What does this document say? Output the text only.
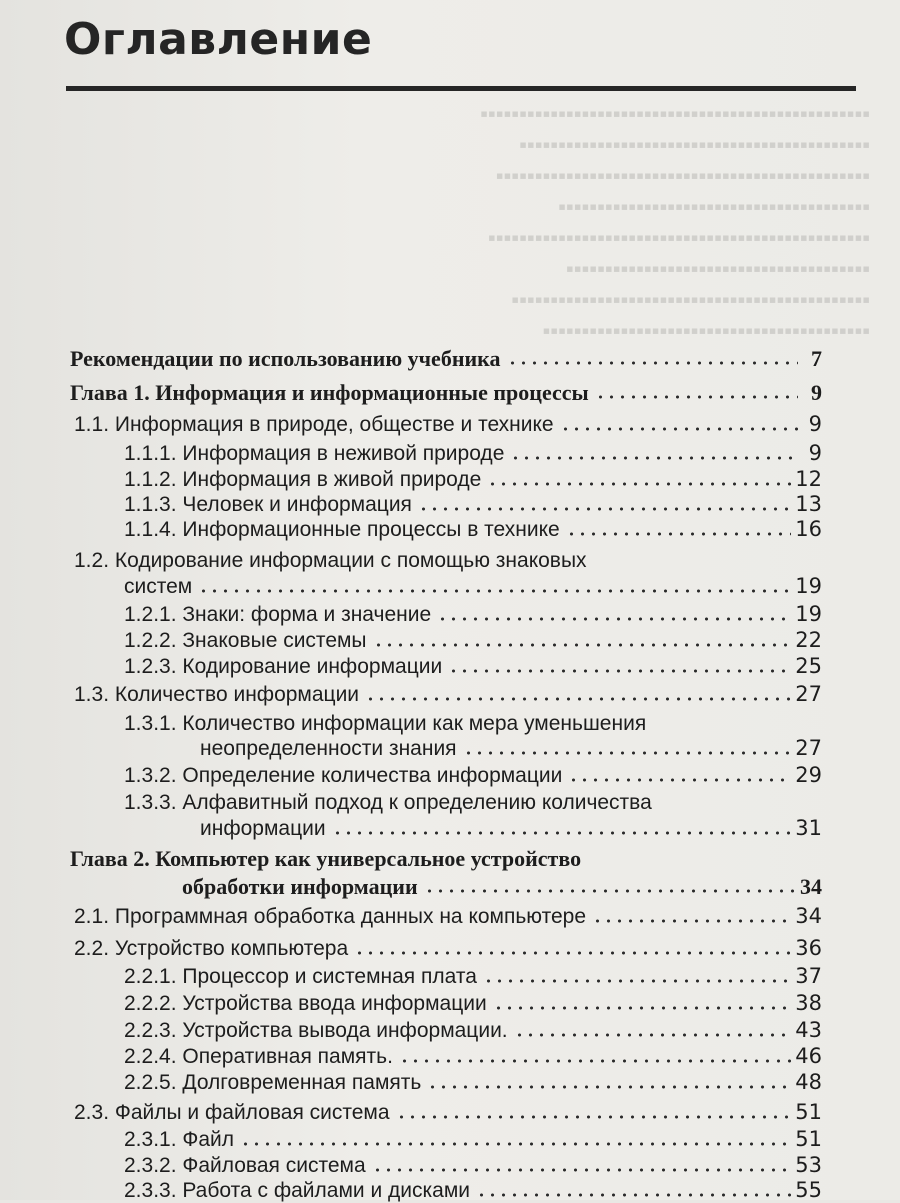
▪▪▪▪▪▪▪▪▪▪▪▪▪▪▪▪▪▪▪▪▪▪▪▪▪▪▪▪▪▪▪▪▪▪▪▪▪▪▪▪▪▪▪▪▪▪▪▪▪▪
▪▪▪▪▪▪▪▪▪▪▪▪▪▪▪▪▪▪▪▪▪▪▪▪▪▪▪▪▪▪▪▪▪▪▪▪▪▪▪▪▪▪▪▪▪
▪▪▪▪▪▪▪▪▪▪▪▪▪▪▪▪▪▪▪▪▪▪▪▪▪▪▪▪▪▪▪▪▪▪▪▪▪▪▪▪▪▪▪▪▪▪▪▪
▪▪▪▪▪▪▪▪▪▪▪▪▪▪▪▪▪▪▪▪▪▪▪▪▪▪▪▪▪▪▪▪▪▪▪▪▪▪▪▪
▪▪▪▪▪▪▪▪▪▪▪▪▪▪▪▪▪▪▪▪▪▪▪▪▪▪▪▪▪▪▪▪▪▪▪▪▪▪▪▪▪▪▪▪▪▪▪▪▪
▪▪▪▪▪▪▪▪▪▪▪▪▪▪▪▪▪▪▪▪▪▪▪▪▪▪▪▪▪▪▪▪▪▪▪▪▪▪▪
▪▪▪▪▪▪▪▪▪▪▪▪▪▪▪▪▪▪▪▪▪▪▪▪▪▪▪▪▪▪▪▪▪▪▪▪▪▪▪▪▪▪▪▪▪▪
▪▪▪▪▪▪▪▪▪▪▪▪▪▪▪▪▪▪▪▪▪▪▪▪▪▪▪▪▪▪▪▪▪▪▪▪▪▪▪▪▪▪
Оглавление
Рекомендации по использованию учебника	7
Глава 1. Информация и информационные процессы	9
1.1. Информация в природе, обществе и технике	9
1.1.1. Информация в неживой природе	9
1.1.2. Информация в живой природе	12
1.1.3. Человек и информация	13
1.1.4. Информационные процессы в технике	16
1.2. Кодирование информации с помощью знаковых
систем	19
1.2.1. Знаки: форма и значение	19
1.2.2. Знаковые системы	22
1.2.3. Кодирование информации	25
1.3. Количество информации	27
1.3.1. Количество информации как мера уменьшения
неопределенности знания	27
1.3.2. Определение количества информации	29
1.3.3. Алфавитный подход к определению количества
информации	31
Глава 2. Компьютер как универсальное устройство
обработки информации	34
2.1. Программная обработка данных на компьютере	34
2.2. Устройство компьютера	36
2.2.1. Процессор и системная плата	37
2.2.2. Устройства ввода информации	38
2.2.3. Устройства вывода информации.	43
2.2.4. Оперативная память.	46
2.2.5. Долговременная память	48
2.3. Файлы и файловая система	51
2.3.1. Файл	51
2.3.2. Файловая система	53
2.3.3. Работа с файлами и дисками	55
